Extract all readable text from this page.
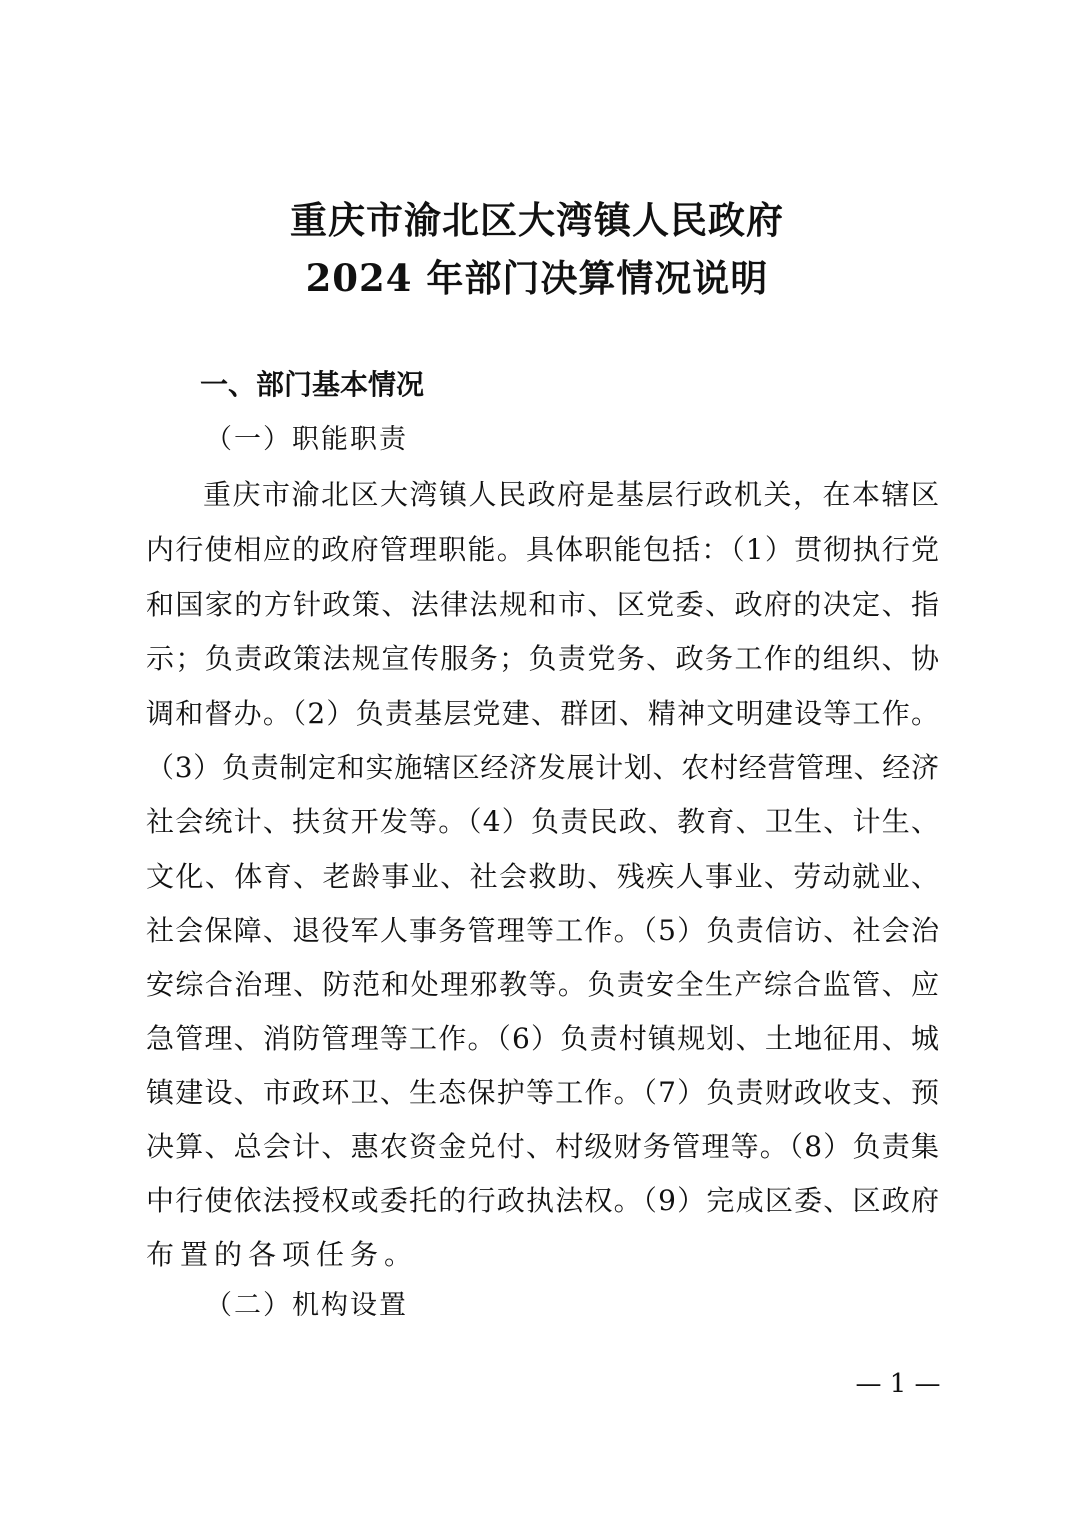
重庆市渝北区大湾镇人民政府
2024 年部门决算情况说明
一、部门基本情况
（一）职能职责
重庆市渝北区大湾镇人民政府是基层行政机关，在本辖区
内行使相应的政府管理职能。具体职能包括：（1）贯彻执行党
和国家的方针政策、法律法规和市、区党委、政府的决定、指
示；负责政策法规宣传服务；负责党务、政务工作的组织、协
调和督办。（2）负责基层党建、群团、精神文明建设等工作。
（3）负责制定和实施辖区经济发展计划、农村经营管理、经济
社会统计、扶贫开发等。（4）负责民政、教育、卫生、计生、
文化、体育、老龄事业、社会救助、残疾人事业、劳动就业、
社会保障、退役军人事务管理等工作。（5）负责信访、社会治
安综合治理、防范和处理邪教等。负责安全生产综合监管、应
急管理、消防管理等工作。（6）负责村镇规划、土地征用、城
镇建设、市政环卫、生态保护等工作。（7）负责财政收支、预
决算、总会计、惠农资金兑付、村级财务管理等。（8）负责集
中行使依法授权或委托的行政执法权。（9）完成区委、区政府
布置的各项任务。
（二）机构设置
— 1 —
